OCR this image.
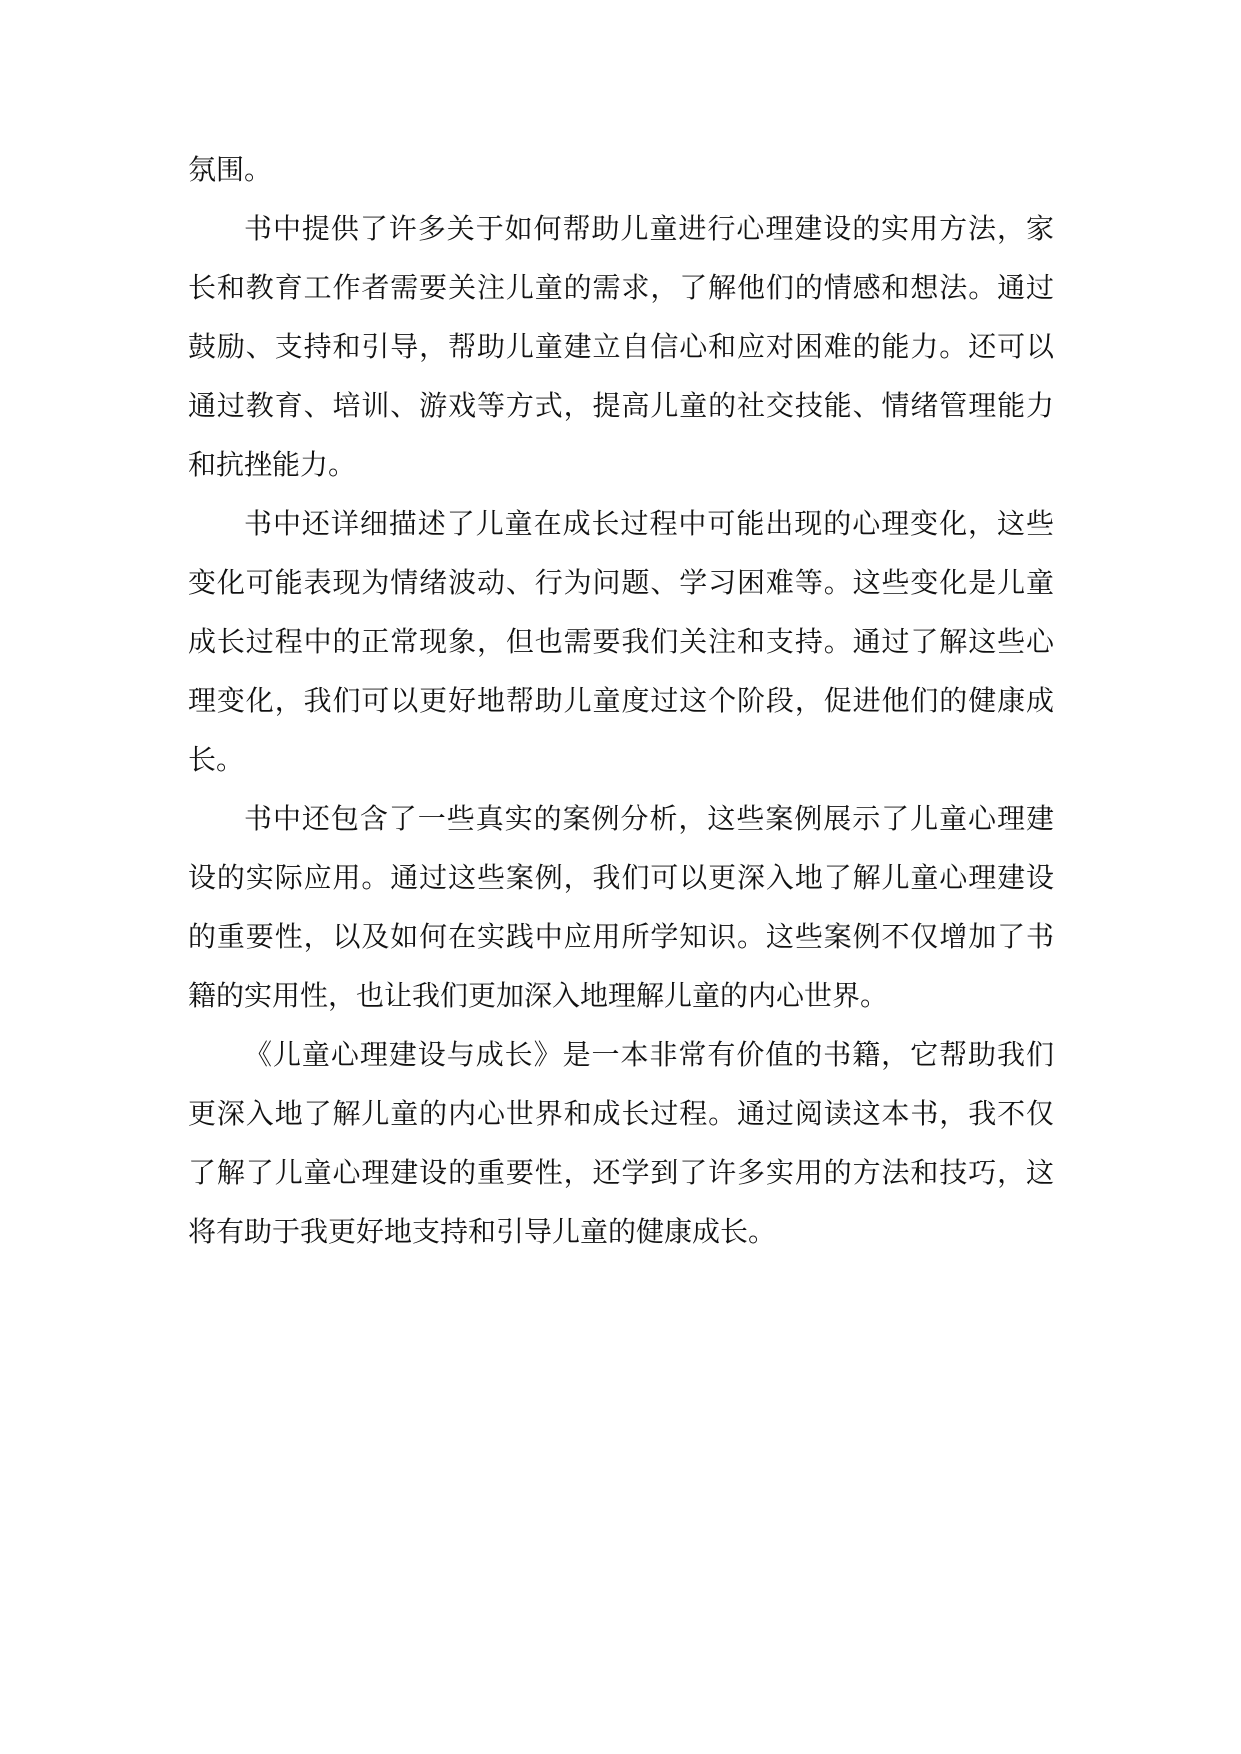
氛围。

书中提供了许多关于如何帮助儿童进行心理建设的实用方法，家长和教育工作者需要关注儿童的需求，了解他们的情感和想法。通过鼓励、支持和引导，帮助儿童建立自信心和应对困难的能力。还可以通过教育、培训、游戏等方式，提高儿童的社交技能、情绪管理能力和抗挫能力。

书中还详细描述了儿童在成长过程中可能出现的心理变化，这些变化可能表现为情绪波动、行为问题、学习困难等。这些变化是儿童成长过程中的正常现象，但也需要我们关注和支持。通过了解这些心理变化，我们可以更好地帮助儿童度过这个阶段，促进他们的健康成长。

书中还包含了一些真实的案例分析，这些案例展示了儿童心理建设的实际应用。通过这些案例，我们可以更深入地了解儿童心理建设的重要性，以及如何在实践中应用所学知识。这些案例不仅增加了书籍的实用性，也让我们更加深入地理解儿童的内心世界。

《儿童心理建设与成长》是一本非常有价值的书籍，它帮助我们更深入地了解儿童的内心世界和成长过程。通过阅读这本书，我不仅了解了儿童心理建设的重要性，还学到了许多实用的方法和技巧，这将有助于我更好地支持和引导儿童的健康成长。
